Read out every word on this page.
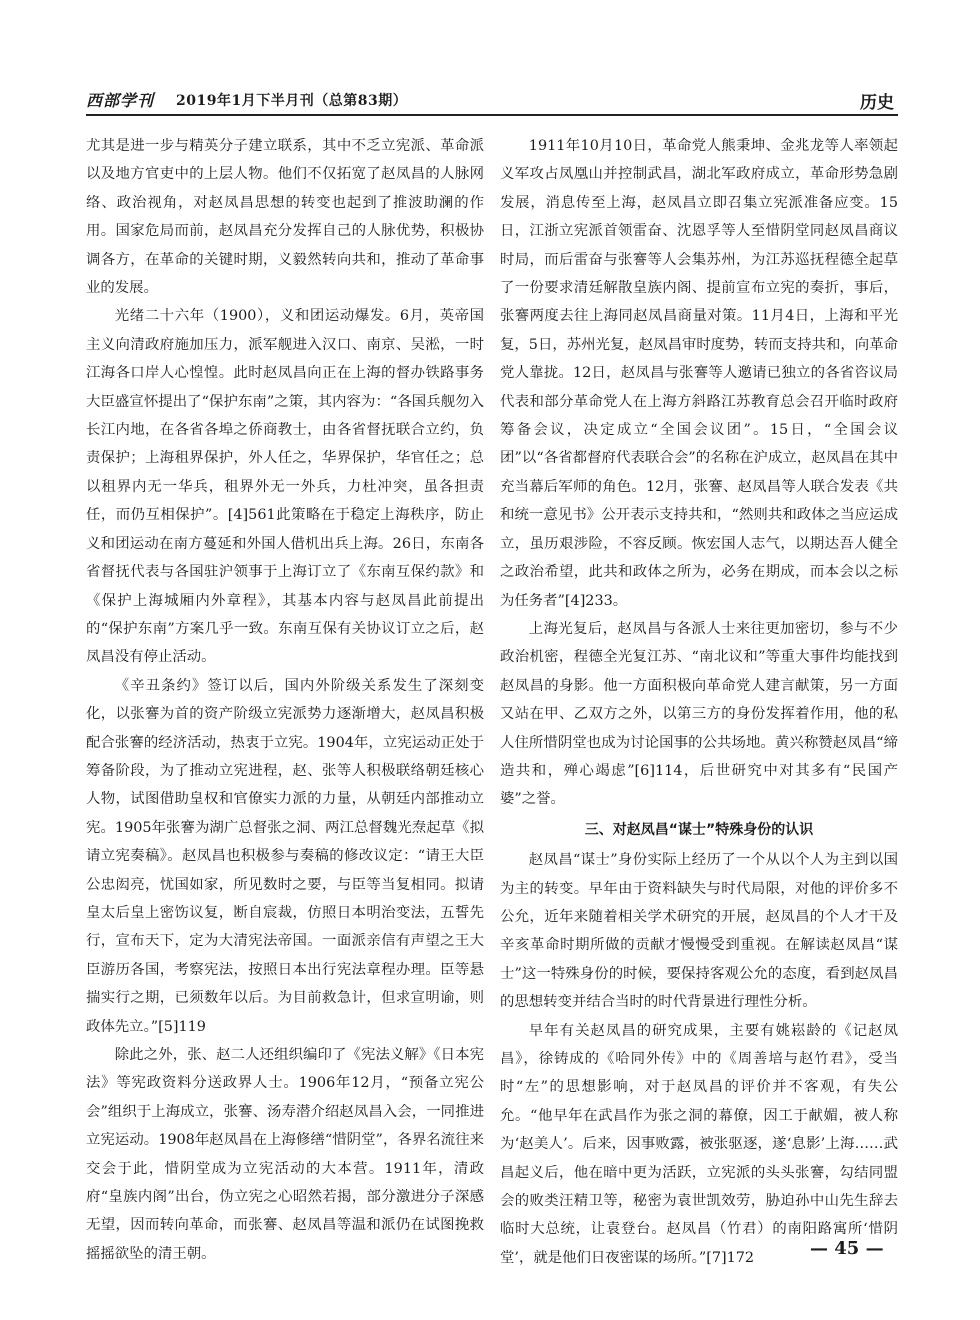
西部学刊 2019年1月下半月刊（总第83期）	历史

尤其是进一步与精英分子建立联系，其中不乏立宪派、革命派以及地方官吏中的上层人物。他们不仅拓宽了赵凤昌的人脉网络、政治视角，对赵凤昌思想的转变也起到了推波助澜的作用。国家危局而前，赵凤昌充分发挥自己的人脉优势，积极协调各方，在革命的关键时期，义毅然转向共和，推动了革命事业的发展。

光绪二十六年（1900），义和团运动爆发。6月，英帝国主义向清政府施加压力，派军舰进入汉口、南京、吴淞，一时江海各口岸人心惶惶。此时赵凤昌向正在上海的督办铁路事务大臣盛宣怀提出了“保护东南”之策，其内容为：“各国兵舰勿入长江内地，在各省各埠之侨商教士，由各省督抚联合立约，负责保护；上海租界保护，外人任之，华界保护，华官任之；总以租界内无一华兵，租界外无一外兵，力杜冲突，虽各担责任，而仍互相保护”。[4]561此策略在于稳定上海秩序，防止义和团运动在南方蔓延和外国人借机出兵上海。26日，东南各省督抚代表与各国驻沪领事于上海订立了《东南互保约款》和《保护上海城厢内外章程》，其基本内容与赵凤昌此前提出的“保护东南”方案几乎一致。东南互保有关协议订立之后，赵凤昌没有停止活动。

《辛丑条约》签订以后，国内外阶级关系发生了深刻变化，以张謇为首的资产阶级立宪派势力逐渐增大，赵凤昌积极配合张謇的经济活动，热衷于立宪。1904年，立宪运动正处于筹备阶段，为了推动立宪进程，赵、张等人积极联络朝廷核心人物，试图借助皇权和官僚实力派的力量，从朝廷内部推动立宪。1905年张謇为湖广总督张之洞、两江总督魏光焘起草《拟请立宪奏稿》。赵凤昌也积极参与奏稿的修改议定：“请王大臣公忠闳亮，忧国如家，所见数时之要，与臣等当复相同。拟请皇太后皇上密饬议复，断自宸裁，仿照日本明治变法，五誓先行，宣布天下，定为大清宪法帝国。一面派亲信有声望之王大臣游历各国，考察宪法，按照日本出行宪法章程办理。臣等悬揣实行之期，已须数年以后。为目前救急计，但求宣明谕，则政体先立。”[5]119

除此之外，张、赵二人还组织编印了《宪法义解》《日本宪法》等宪政资料分送政界人士。1906年12月，“预备立宪公会”组织于上海成立，张謇、汤寿潜介绍赵凤昌入会，一同推进立宪运动。1908年赵凤昌在上海修缮“惜阴堂”，各界名流往来交会于此，惜阴堂成为立宪活动的大本营。1911年，清政府“皇族内阁”出台，伪立宪之心昭然若揭，部分激进分子深感无望，因而转向革命，而张謇、赵凤昌等温和派仍在试图挽救摇摇欲坠的清王朝。

1911年10月10日，革命党人熊秉坤、金兆龙等人率领起义军攻占凤凰山并控制武昌，湖北军政府成立，革命形势急剧发展，消息传至上海，赵凤昌立即召集立宪派准备应变。15日，江浙立宪派首领雷奋、沈恩孚等人至惜阴堂同赵凤昌商议时局，而后雷奋与张謇等人会集苏州，为江苏巡抚程德全起草了一份要求清廷解散皇族内阁、提前宣布立宪的奏折，事后，张謇两度去往上海同赵凤昌商量对策。11月4日，上海和平光复，5日，苏州光复，赵凤昌审时度势，转而支持共和，向革命党人靠拢。12日，赵凤昌与张謇等人邀请已独立的各省咨议局代表和部分革命党人在上海方斜路江苏教育总会召开临时政府筹备会议，决定成立“全国会议团”。15日，“全国会议团”以“各省都督府代表联合会”的名称在沪成立，赵凤昌在其中充当幕后军师的角色。12月，张謇、赵凤昌等人联合发表《共和统一意见书》公开表示支持共和，“然则共和政体之当应运成立，虽历艰涉险，不容反顾。恢宏国人志气，以期达吾人健全之政治希望，此共和政体之所为，必务在期成，而本会以之标为任务者”[4]233。

上海光复后，赵凤昌与各派人士来往更加密切，参与不少政治机密，程德全光复江苏、“南北议和”等重大事件均能找到赵凤昌的身影。他一方面积极向革命党人建言献策，另一方面又站在甲、乙双方之外，以第三方的身份发挥着作用，他的私人住所惜阴堂也成为讨论国事的公共场地。黄兴称赞赵凤昌“缔造共和，殚心竭虑”[6]114，后世研究中对其多有“民国产婆”之誉。

三、对赵凤昌“谋士”特殊身份的认识

赵凤昌“谋士”身份实际上经历了一个从以个人为主到以国为主的转变。早年由于资料缺失与时代局限，对他的评价多不公允，近年来随着相关学术研究的开展，赵凤昌的个人才干及辛亥革命时期所做的贡献才慢慢受到重视。在解读赵凤昌“谋士”这一特殊身份的时候，要保持客观公允的态度，看到赵凤昌的思想转变并结合当时的时代背景进行理性分析。

早年有关赵凤昌的研究成果，主要有姚崧龄的《记赵凤昌》，徐铸成的《哈同外传》中的《周善培与赵竹君》，受当时“左”的思想影响，对于赵凤昌的评价并不客观，有失公允。“他早年在武昌作为张之洞的幕僚，因工于献媚，被人称为‘赵美人’。后来，因事败露，被张驱逐，遂‘息影’上海……武昌起义后，他在暗中更为活跃，立宪派的头头张謇，勾结同盟会的败类汪精卫等，秘密为袁世凯效劳，胁迫孙中山先生辞去临时大总统，让袁登台。赵凤昌（竹君）的南阳路寓所‘惜阴堂’，就是他们日夜密谋的场所。”[7]172	— 45 —
